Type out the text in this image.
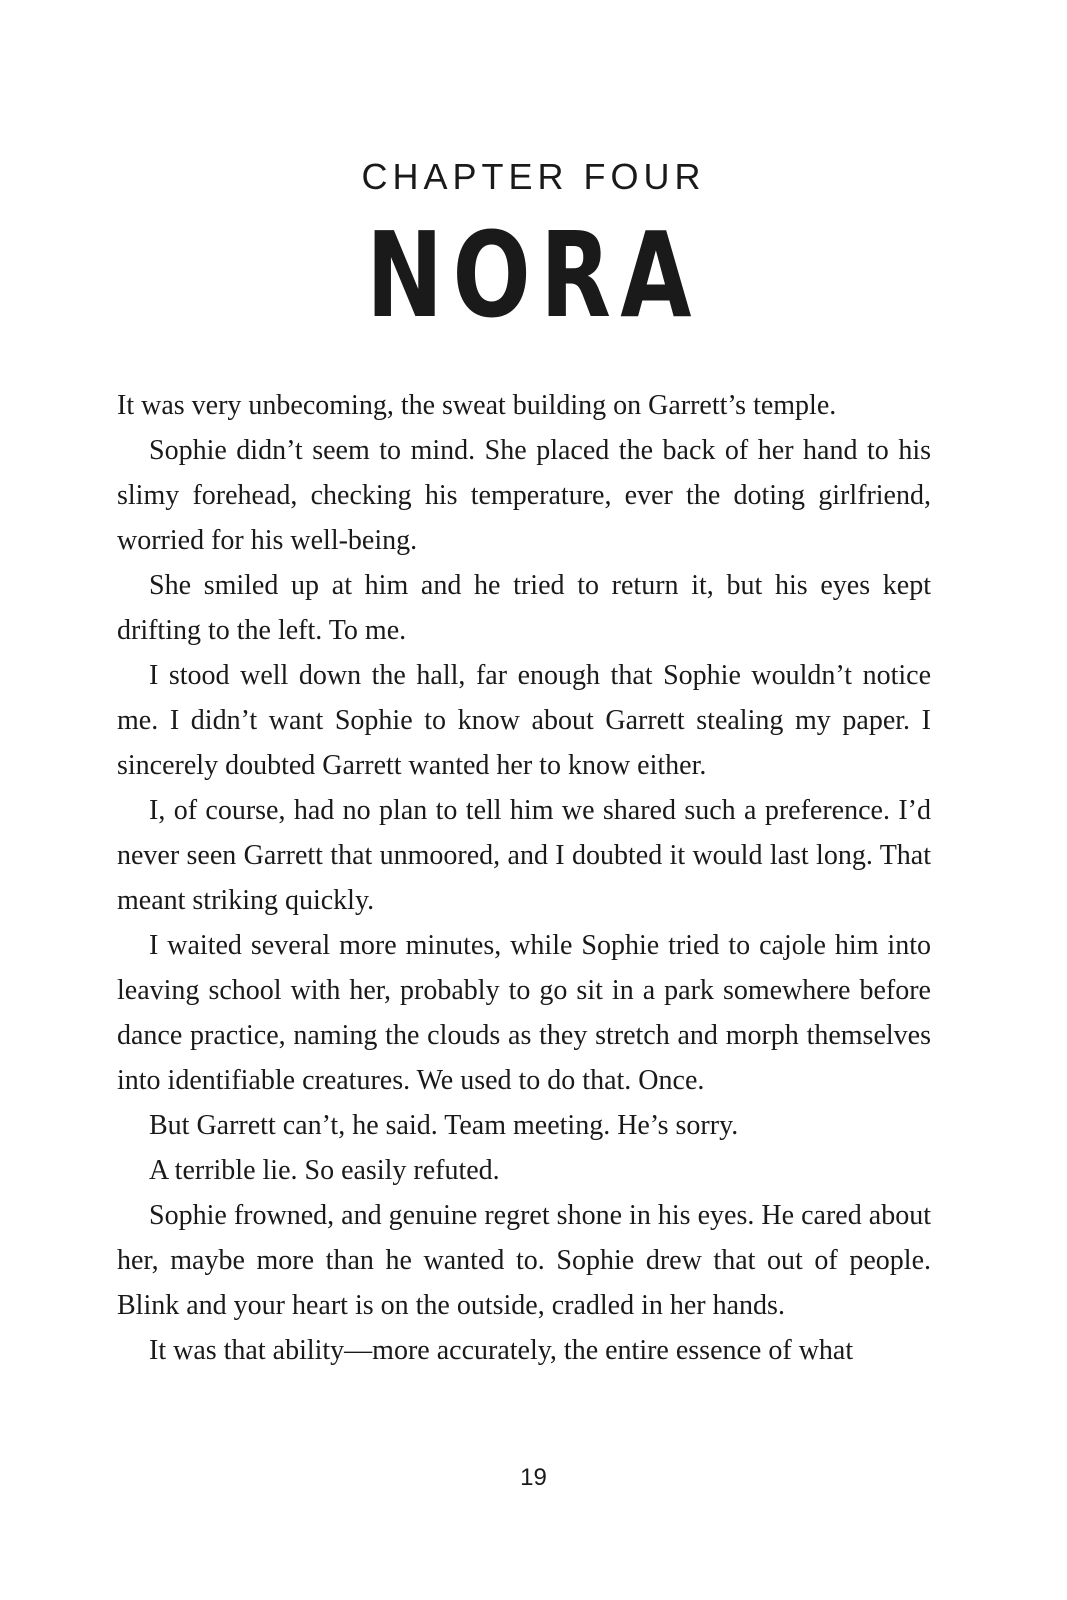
CHAPTER FOUR
NORA

It was very unbecoming, the sweat building on Garrett’s temple.

Sophie didn’t seem to mind. She placed the back of her hand to his slimy forehead, checking his temperature, ever the doting girlfriend, worried for his well-being.

She smiled up at him and he tried to return it, but his eyes kept drifting to the left. To me.

I stood well down the hall, far enough that Sophie wouldn’t notice me. I didn’t want Sophie to know about Garrett stealing my paper. I sincerely doubted Garrett wanted her to know either.

I, of course, had no plan to tell him we shared such a preference. I’d never seen Garrett that unmoored, and I doubted it would last long. That meant striking quickly.

I waited several more minutes, while Sophie tried to cajole him into leaving school with her, probably to go sit in a park somewhere before dance practice, naming the clouds as they stretch and morph themselves into identifiable creatures. We used to do that. Once.

But Garrett can’t, he said. Team meeting. He’s sorry.

A terrible lie. So easily refuted.

Sophie frowned, and genuine regret shone in his eyes. He cared about her, maybe more than he wanted to. Sophie drew that out of people. Blink and your heart is on the outside, cradled in her hands.

It was that ability—more accurately, the entire essence of what

19
